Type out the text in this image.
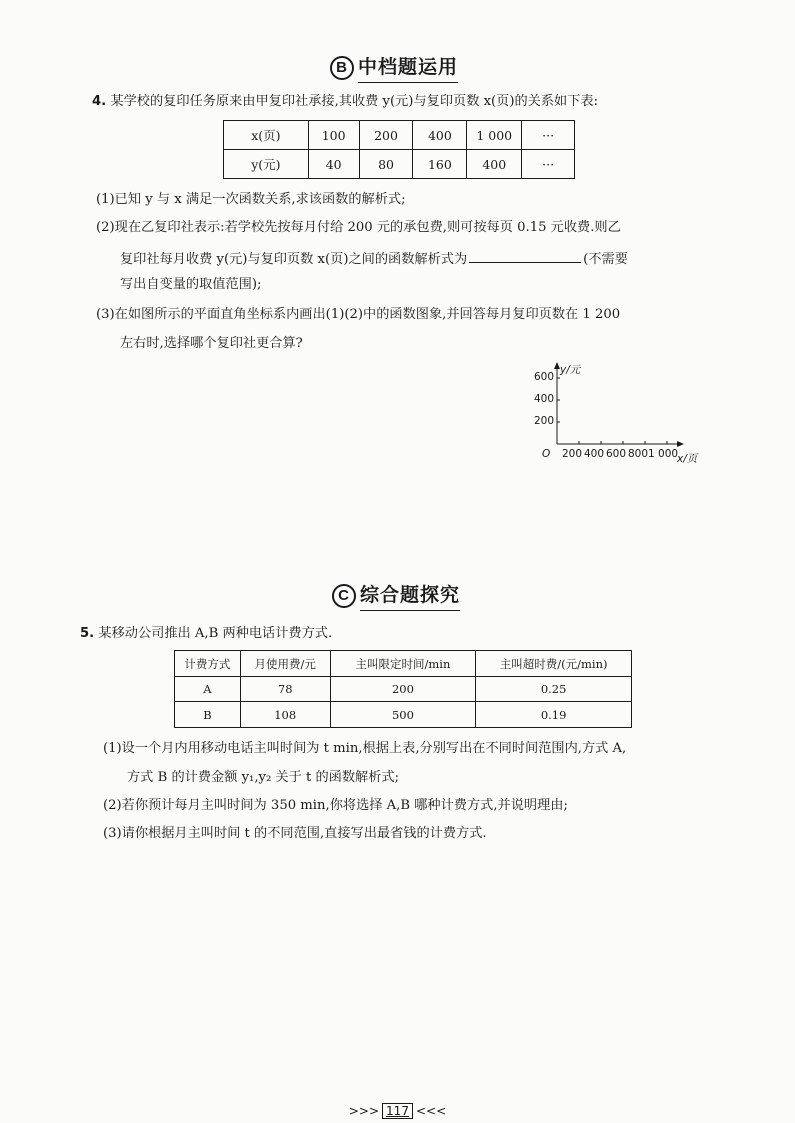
B 中档题运用
4. 某学校的复印任务原来由甲复印社承接,其收费 y(元)与复印页数 x(页)的关系如下表:
x(页)	100	200	400	1 000	···
y(元)	40	80	160	400	···
(1)已知 y 与 x 满足一次函数关系,求该函数的解析式;
(2)现在乙复印社表示:若学校先按每月付给 200 元的承包费,则可按每页 0.15 元收费.则乙
复印社每月收费 y(元)与复印页数 x(页)之间的函数解析式为	(不需要
写出自变量的取值范围);
(3)在如图所示的平面直角坐标系内画出(1)(2)中的函数图象,并回答每月复印页数在 1 200
左右时,选择哪个复印社更合算?
y/元
600
400
200
O 200 400 600 800 1 000
x/页
C 综合题探究
5. 某移动公司推出 A,B 两种电话计费方式.
计费方式	月使用费/元	主叫限定时间/min	主叫超时费/(元/min)
A	78	200	0.25
B	108	500	0.19
(1)设一个月内用移动电话主叫时间为 t min,根据上表,分别写出在不同时间范围内,方式 A,
方式 B 的计费金额 y₁,y₂ 关于 t 的函数解析式;
(2)若你预计每月主叫时间为 350 min,你将选择 A,B 哪种计费方式,并说明理由;
(3)请你根据月主叫时间 t 的不同范围,直接写出最省钱的计费方式.
>>> 117 <<<
